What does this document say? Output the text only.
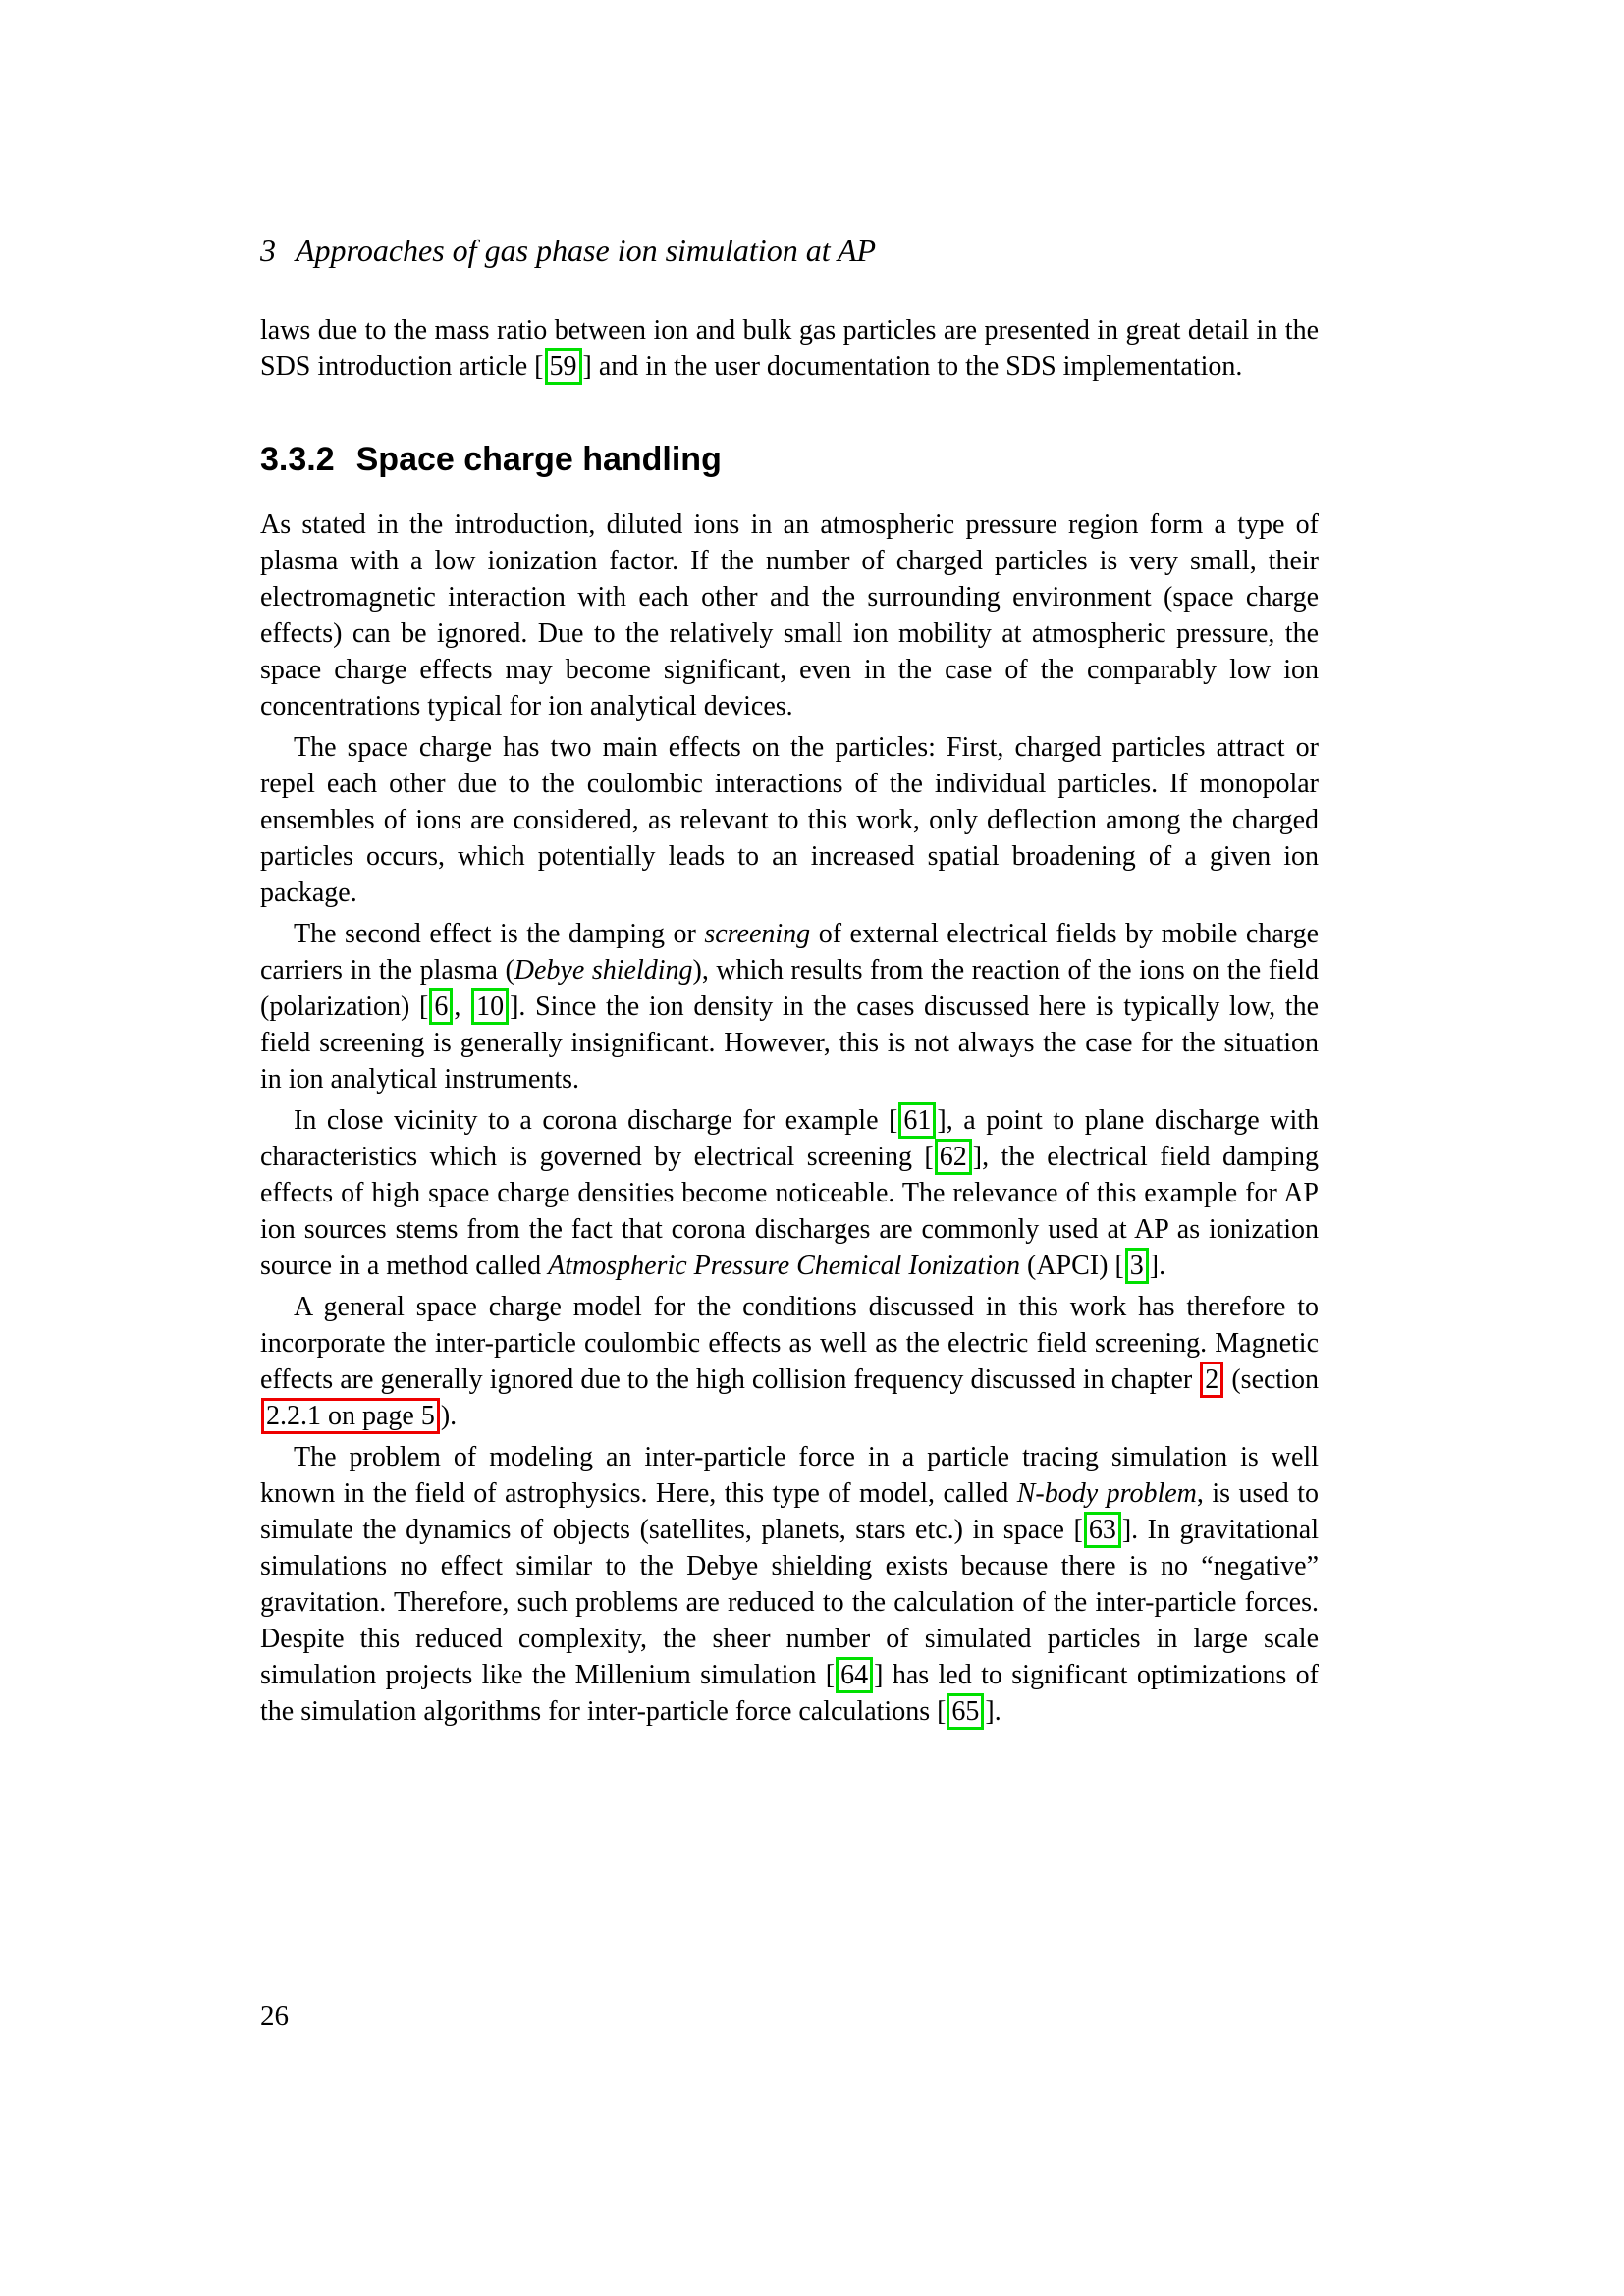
3 Approaches of gas phase ion simulation at AP

laws due to the mass ratio between ion and bulk gas particles are presented in great detail in the SDS introduction article [ 59 ] and in the user documentation to the SDS implementation.

3.3.2 Space charge handling

As stated in the introduction, diluted ions in an atmospheric pressure region form a type of plasma with a low ionization factor. If the number of charged particles is very small, their electromagnetic interaction with each other and the surrounding environment (space charge effects) can be ignored. Due to the relatively small ion mobility at atmospheric pressure, the space charge effects may become significant, even in the case of the comparably low ion concentrations typical for ion analytical devices.

The space charge has two main effects on the particles: First, charged particles attract or repel each other due to the coulombic interactions of the individual particles. If monopolar ensembles of ions are considered, as relevant to this work, only deflection among the charged particles occurs, which potentially leads to an increased spatial broadening of a given ion package.

The second effect is the damping or screening of external electrical fields by mobile charge carriers in the plasma (Debye shielding), which results from the reaction of the ions on the field (polarization) [ 6 , 10 ]. Since the ion density in the cases discussed here is typically low, the field screening is generally insignificant. However, this is not always the case for the situation in ion analytical instruments.

In close vicinity to a corona discharge for example [ 61 ], a point to plane discharge with characteristics which is governed by electrical screening [ 62 ], the electrical field damping effects of high space charge densities become noticeable. The relevance of this example for AP ion sources stems from the fact that corona discharges are commonly used at AP as ionization source in a method called Atmospheric Pressure Chemical Ionization (APCI) [ 3 ].

A general space charge model for the conditions discussed in this work has therefore to incorporate the inter-particle coulombic effects as well as the electric field screening. Magnetic effects are generally ignored due to the high collision frequency discussed in chapter 2 (section 2.2.1 on page 5 ).

The problem of modeling an inter-particle force in a particle tracing simulation is well known in the field of astrophysics. Here, this type of model, called N-body problem, is used to simulate the dynamics of objects (satellites, planets, stars etc.) in space [ 63 ]. In gravitational simulations no effect similar to the Debye shielding exists because there is no “negative” gravitation. Therefore, such problems are reduced to the calculation of the inter-particle forces. Despite this reduced complexity, the sheer number of simulated particles in large scale simulation projects like the Millenium simulation [ 64 ] has led to significant optimizations of the simulation algorithms for inter-particle force calculations [ 65 ].

26
